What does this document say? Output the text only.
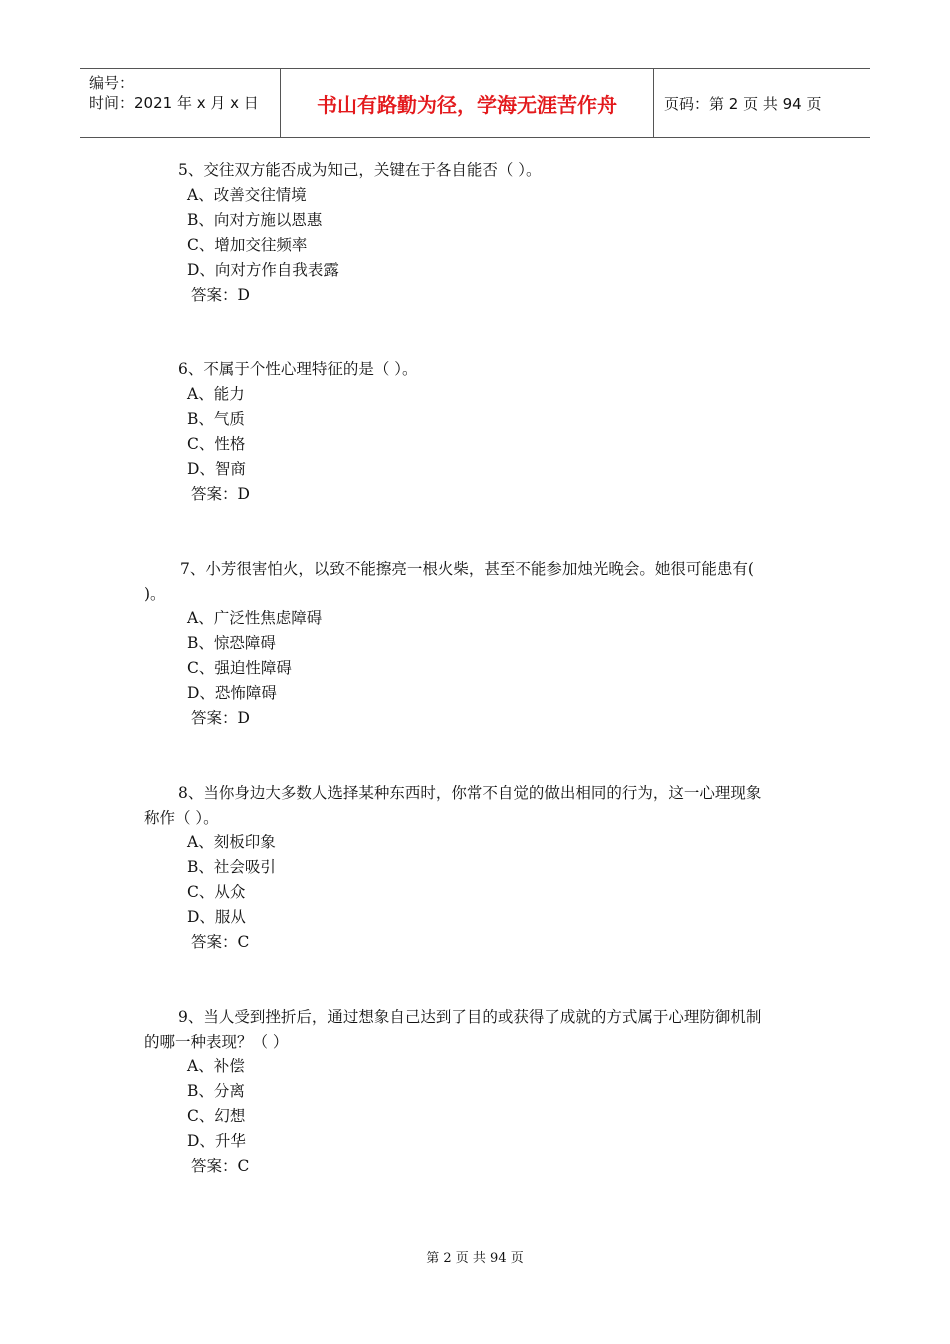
编号：
时间：2021 年 x 月 x 日	书山有路勤为径，学海无涯苦作舟	页码：第 2 页 共 94 页
5、交往双方能否成为知己，关键在于各自能否（ ）。
A、改善交往情境
B、向对方施以恩惠
C、增加交往频率
D、向对方作自我表露
答案：D
6、不属于个性心理特征的是（ ）。
A、能力
B、气质
C、性格
D、智商
答案：D
7、小芳很害怕火，以致不能擦亮一根火柴，甚至不能参加烛光晚会。她很可能患有(
)。
A、广泛性焦虑障碍
B、惊恐障碍
C、强迫性障碍
D、恐怖障碍
答案：D
8、当你身边大多数人选择某种东西时，你常不自觉的做出相同的行为，这一心理现象
称作（ ）。
A、刻板印象
B、社会吸引
C、从众
D、服从
答案：C
9、当人受到挫折后，通过想象自己达到了目的或获得了成就的方式属于心理防御机制
的哪一种表现？（ ）
A、补偿
B、分离
C、幻想
D、升华
答案：C
第 2 页 共 94 页
